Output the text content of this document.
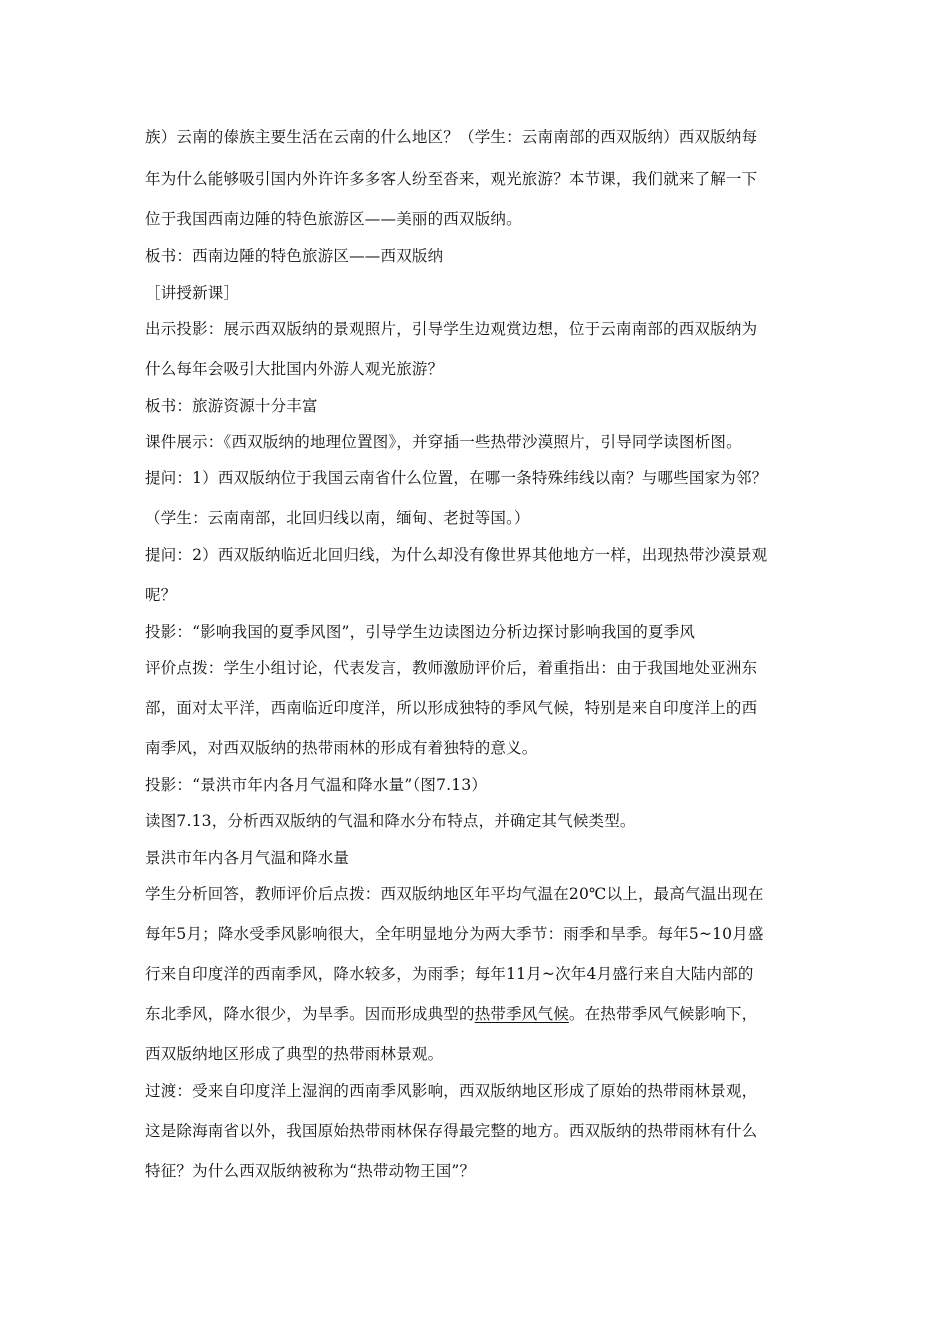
族）云南的傣族主要生活在云南的什么地区？（学生：云南南部的西双版纳）西双版纳每
年为什么能够吸引国内外许许多多客人纷至沓来，观光旅游？本节课，我们就来了解一下
位于我国西南边陲的特色旅游区——美丽的西双版纳。
板书：西南边陲的特色旅游区——西双版纳
［讲授新课］
出示投影：展示西双版纳的景观照片，引导学生边观赏边想，位于云南南部的西双版纳为
什么每年会吸引大批国内外游人观光旅游？
板书：旅游资源十分丰富
课件展示：《西双版纳的地理位置图》，并穿插一些热带沙漠照片，引导同学读图析图。
提问：1）西双版纳位于我国云南省什么位置，在哪一条特殊纬线以南？与哪些国家为邻？
（学生：云南南部，北回归线以南，缅甸、老挝等国。）
提问：2）西双版纳临近北回归线，为什么却没有像世界其他地方一样，出现热带沙漠景观
呢？
投影：“影响我国的夏季风图”，引导学生边读图边分析边探讨影响我国的夏季风
评价点拨：学生小组讨论，代表发言，教师激励评价后，着重指出：由于我国地处亚洲东
部，面对太平洋，西南临近印度洋，所以形成独特的季风气候，特别是来自印度洋上的西
南季风，对西双版纳的热带雨林的形成有着独特的意义。
投影：“景洪市年内各月气温和降水量”（图7.13）
读图7.13，分析西双版纳的气温和降水分布特点，并确定其气候类型。
景洪市年内各月气温和降水量
学生分析回答，教师评价后点拨：西双版纳地区年平均气温在20℃以上，最高气温出现在
每年5月；降水受季风影响很大，全年明显地分为两大季节：雨季和旱季。每年5~10月盛
行来自印度洋的西南季风，降水较多，为雨季；每年11月~次年4月盛行来自大陆内部的
东北季风，降水很少，为旱季。因而形成典型的热带季风气候。在热带季风气候影响下，
西双版纳地区形成了典型的热带雨林景观。
过渡：受来自印度洋上湿润的西南季风影响，西双版纳地区形成了原始的热带雨林景观，
这是除海南省以外，我国原始热带雨林保存得最完整的地方。西双版纳的热带雨林有什么
特征？为什么西双版纳被称为“热带动物王国”？
